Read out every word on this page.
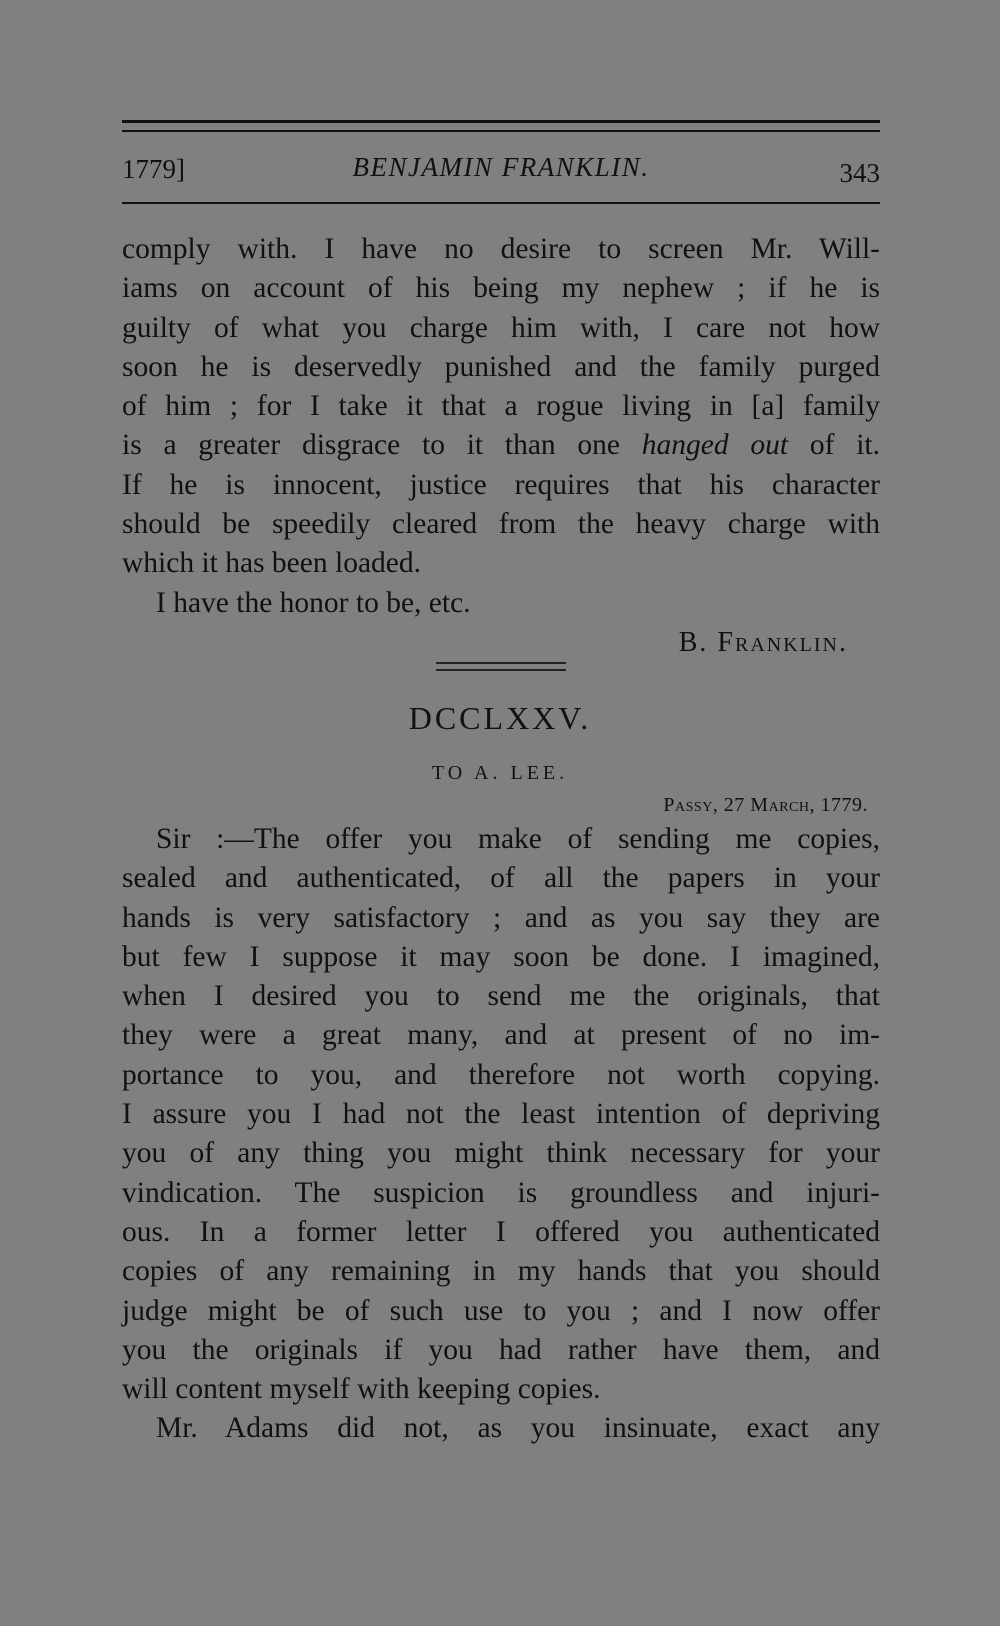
1779]	BENJAMIN FRANKLIN.	343
comply with. I have no desire to screen Mr. Will-
iams on account of his being my nephew ; if he is
guilty of what you charge him with, I care not how
soon he is deservedly punished and the family purged
of him ; for I take it that a rogue living in [a] family
is a greater disgrace to it than one hanged out of it.
If he is innocent, justice requires that his character
should be speedily cleared from the heavy charge with
which it has been loaded.
I have the honor to be, etc.
B. Franklin.
DCCLXXV.
TO A. LEE.
Passy, 27 March, 1779.
Sir :—The offer you make of sending me copies,
sealed and authenticated, of all the papers in your
hands is very satisfactory ; and as you say they are
but few I suppose it may soon be done. I imagined,
when I desired you to send me the originals, that
they were a great many, and at present of no im-
portance to you, and therefore not worth copying.
I assure you I had not the least intention of depriving
you of any thing you might think necessary for your
vindication. The suspicion is groundless and injuri-
ous. In a former letter I offered you authenticated
copies of any remaining in my hands that you should
judge might be of such use to you ; and I now offer
you the originals if you had rather have them, and
will content myself with keeping copies.
Mr. Adams did not, as you insinuate, exact any
